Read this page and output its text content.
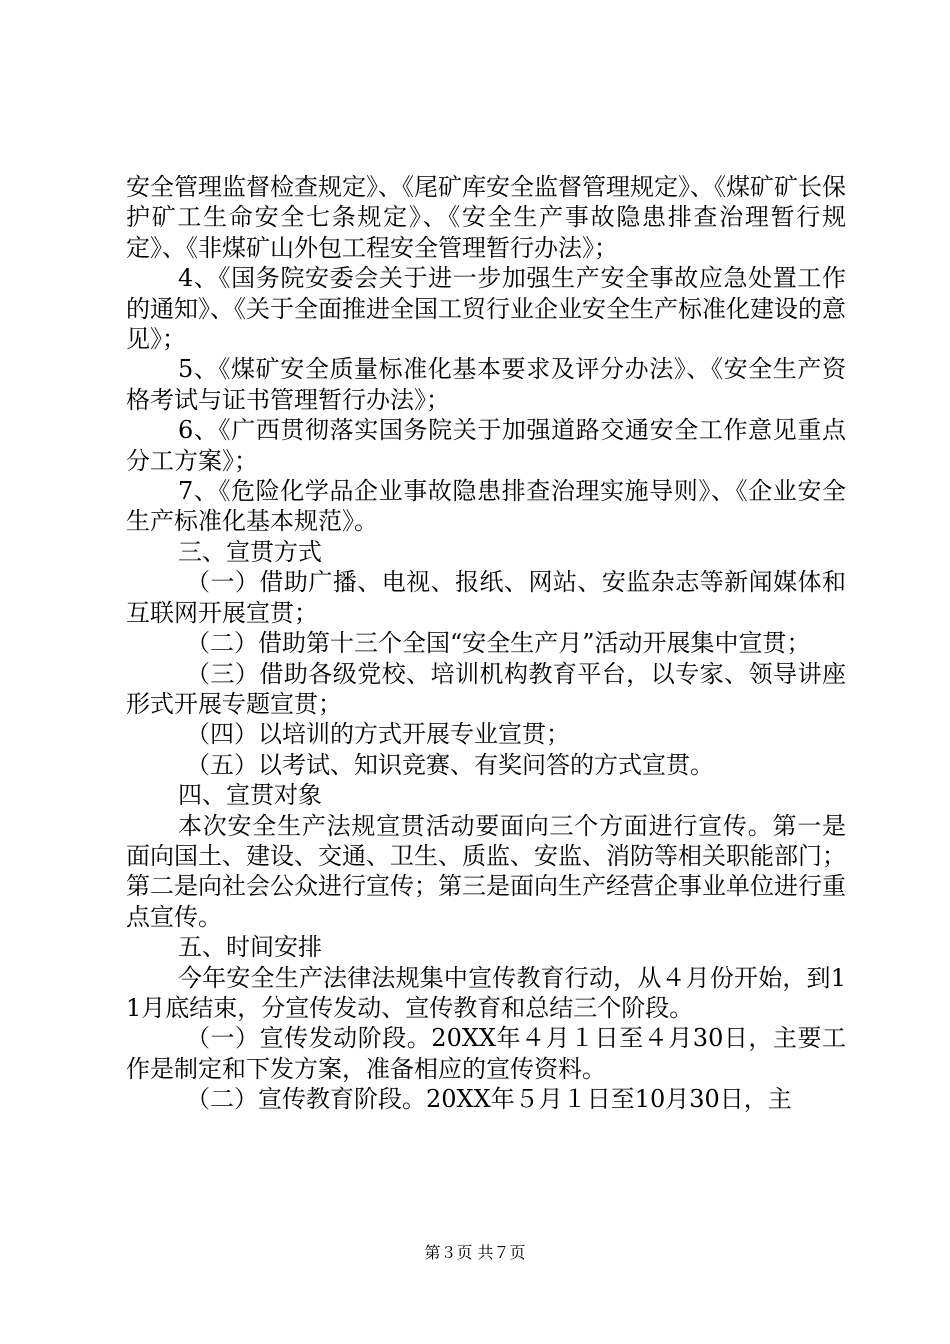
安全管理监督检查规定》、《尾矿库安全监督管理规定》、《煤矿矿长保护矿工生命安全七条规定》、《安全生产事故隐患排查治理暂行规定》、《非煤矿山外包工程安全管理暂行办法》；

4、《国务院安委会关于进一步加强生产安全事故应急处置工作的通知》、《关于全面推进全国工贸行业企业安全生产标准化建设的意见》；

5、《煤矿安全质量标准化基本要求及评分办法》、《安全生产资格考试与证书管理暂行办法》；

6、《广西贯彻落实国务院关于加强道路交通安全工作意见重点分工方案》；

7、《危险化学品企业事故隐患排查治理实施导则》、《企业安全生产标准化基本规范》。

三、宣贯方式

（一）借助广播、电视、报纸、网站、安监杂志等新闻媒体和互联网开展宣贯；

（二）借助第十三个全国“安全生产月”活动开展集中宣贯；

（三）借助各级党校、培训机构教育平台，以专家、领导讲座形式开展专题宣贯；

（四）以培训的方式开展专业宣贯；

（五）以考试、知识竞赛、有奖问答的方式宣贯。

四、宣贯对象

本次安全生产法规宣贯活动要面向三个方面进行宣传。第一是面向国土、建设、交通、卫生、质监、安监、消防等相关职能部门；第二是向社会公众进行宣传；第三是面向生产经营企事业单位进行重点宣传。

五、时间安排

今年安全生产法律法规集中宣传教育行动，从４月份开始，到11月底结束，分宣传发动、宣传教育和总结三个阶段。

（一）宣传发动阶段。20XX年４月１日至４月30日，主要工作是制定和下发方案，准备相应的宣传资料。

（二）宣传教育阶段。20XX年５月１日至10月30日，主

第３页 共７页
